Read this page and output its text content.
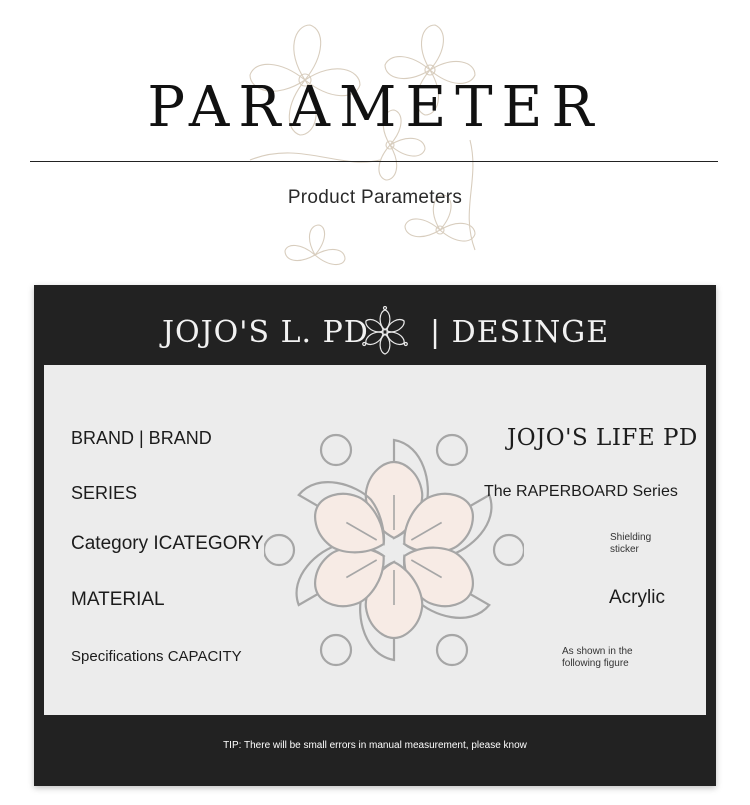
PARAMETER
Product Parameters
JOJO'S L. PD | DESINGE
BRAND | BRAND
SERIES
Category ICATEGORY
MATERIAL
Specifications CAPACITY
JOJO'S LIFE PD
The RAPERBOARD Series
Shielding
sticker
Acrylic
As shown in the
following figure
TIP: There will be small errors in manual measurement, please know
